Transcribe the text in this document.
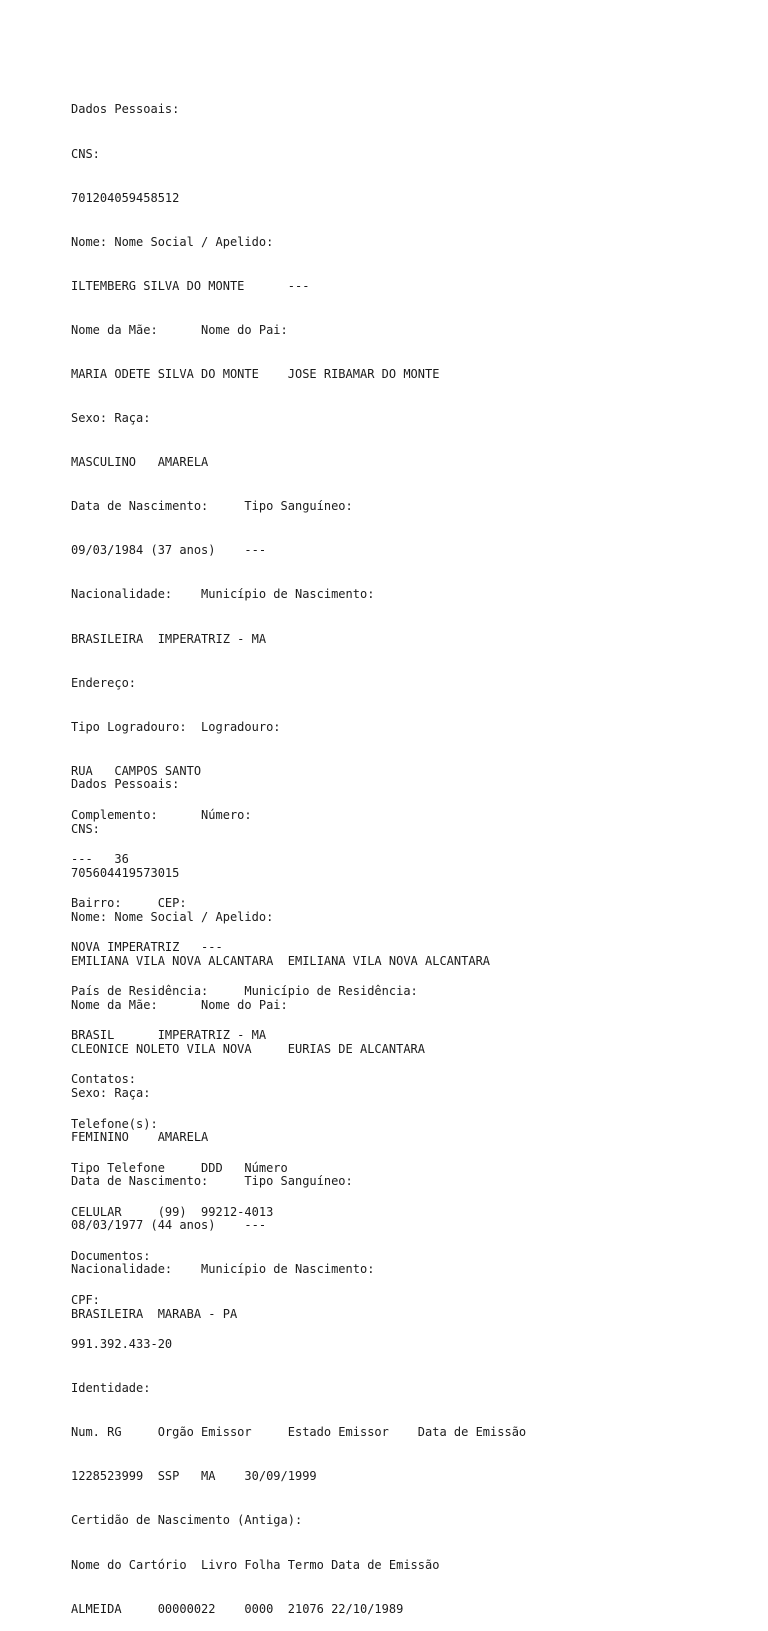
Dados Pessoais:

CNS:

701204059458512

Nome: Nome Social / Apelido:

ILTEMBERG SILVA DO MONTE      ---

Nome da Mãe:      Nome do Pai:

MARIA ODETE SILVA DO MONTE    JOSE RIBAMAR DO MONTE

Sexo: Raça:

MASCULINO   AMARELA

Data de Nascimento:     Tipo Sanguíneo:

09/03/1984 (37 anos)    ---

Nacionalidade:    Município de Nascimento:

BRASILEIRA  IMPERATRIZ - MA

Endereço:

Tipo Logradouro:  Logradouro:

RUA   CAMPOS SANTO

Complemento:      Número:

---   36

Bairro:     CEP:

NOVA IMPERATRIZ   ---

País de Residência:     Município de Residência:

BRASIL      IMPERATRIZ - MA

Contatos:

Telefone(s):

Tipo Telefone     DDD   Número

CELULAR     (99)  99212-4013

Documentos:

CPF:

991.392.433-20

Identidade:

Num. RG     Orgão Emissor     Estado Emissor    Data de Emissão

1228523999  SSP   MA    30/09/1999

Certidão de Nascimento (Antiga):

Nome do Cartório  Livro Folha Termo Data de Emissão

ALMEIDA     00000022    0000  21076 22/10/1989

Dados Pessoais:

CNS:

705604419573015

Nome: Nome Social / Apelido:

EMILIANA VILA NOVA ALCANTARA  EMILIANA VILA NOVA ALCANTARA

Nome da Mãe:      Nome do Pai:

CLEONICE NOLETO VILA NOVA     EURIAS DE ALCANTARA

Sexo: Raça:

FEMININO    AMARELA

Data de Nascimento:     Tipo Sanguíneo:

08/03/1977 (44 anos)    ---

Nacionalidade:    Município de Nascimento:

BRASILEIRA  MARABA - PA
